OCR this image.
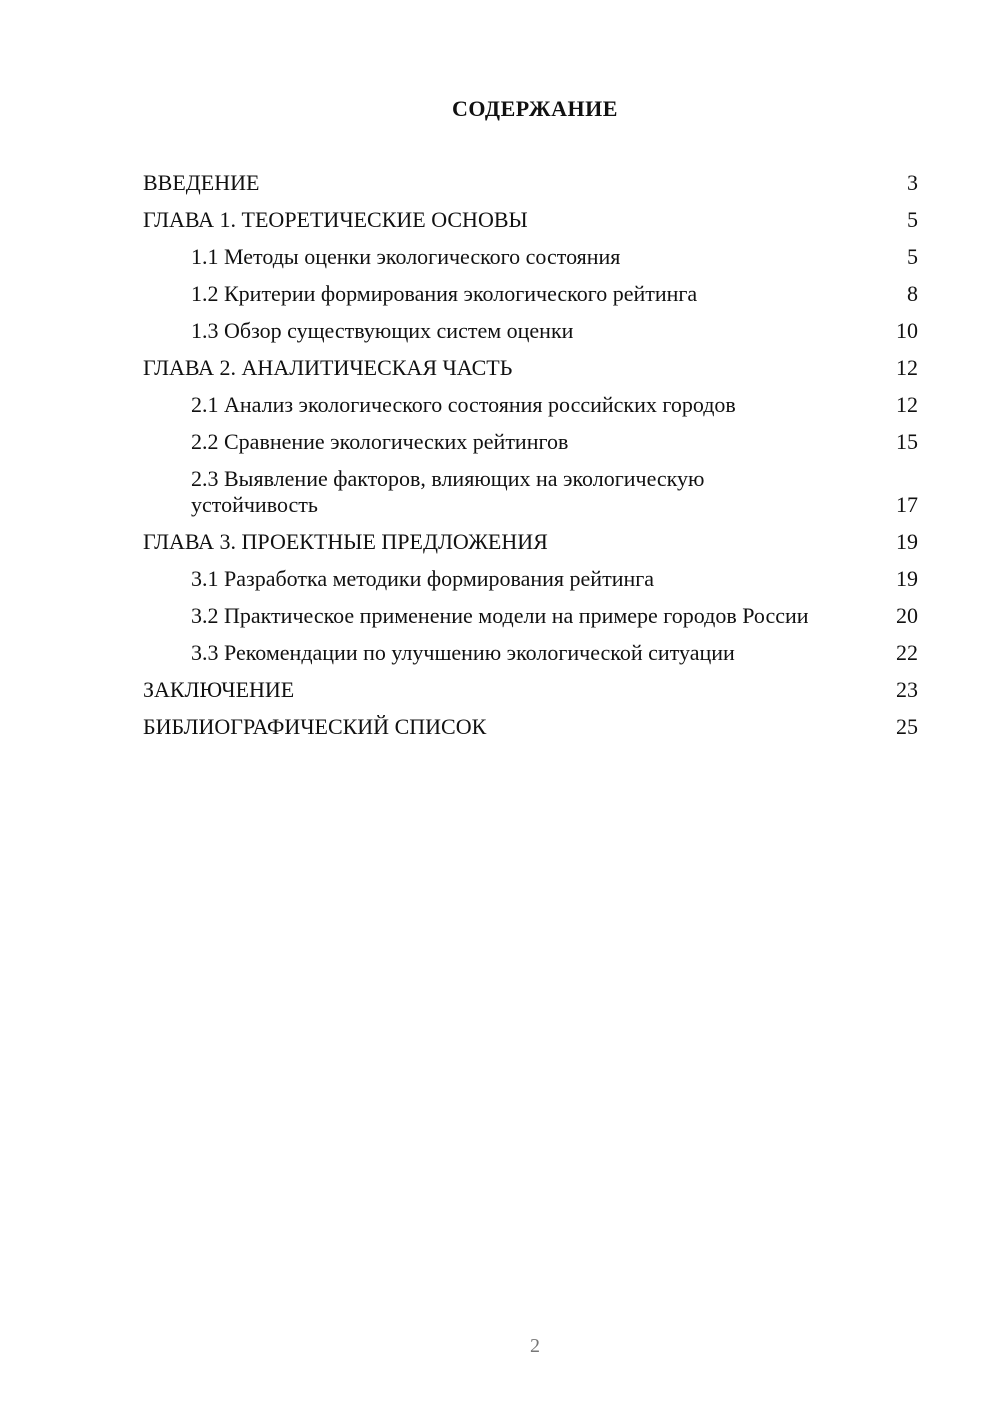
СОДЕРЖАНИЕ
ВВЕДЕНИЕ	3
ГЛАВА 1. ТЕОРЕТИЧЕСКИЕ ОСНОВЫ	5
1.1 Методы оценки экологического состояния	5
1.2 Критерии формирования экологического рейтинга	8
1.3 Обзор существующих систем оценки	10
ГЛАВА 2. АНАЛИТИЧЕСКАЯ ЧАСТЬ	12
2.1 Анализ экологического состояния российских городов	12
2.2 Сравнение экологических рейтингов	15
2.3 Выявление факторов, влияющих на экологическую устойчивость	17
ГЛАВА 3. ПРОЕКТНЫЕ ПРЕДЛОЖЕНИЯ	19
3.1 Разработка методики формирования рейтинга	19
3.2 Практическое применение модели на примере городов России	20
3.3 Рекомендации по улучшению экологической ситуации	22
ЗАКЛЮЧЕНИЕ	23
БИБЛИОГРАФИЧЕСКИЙ СПИСОК	25
2
